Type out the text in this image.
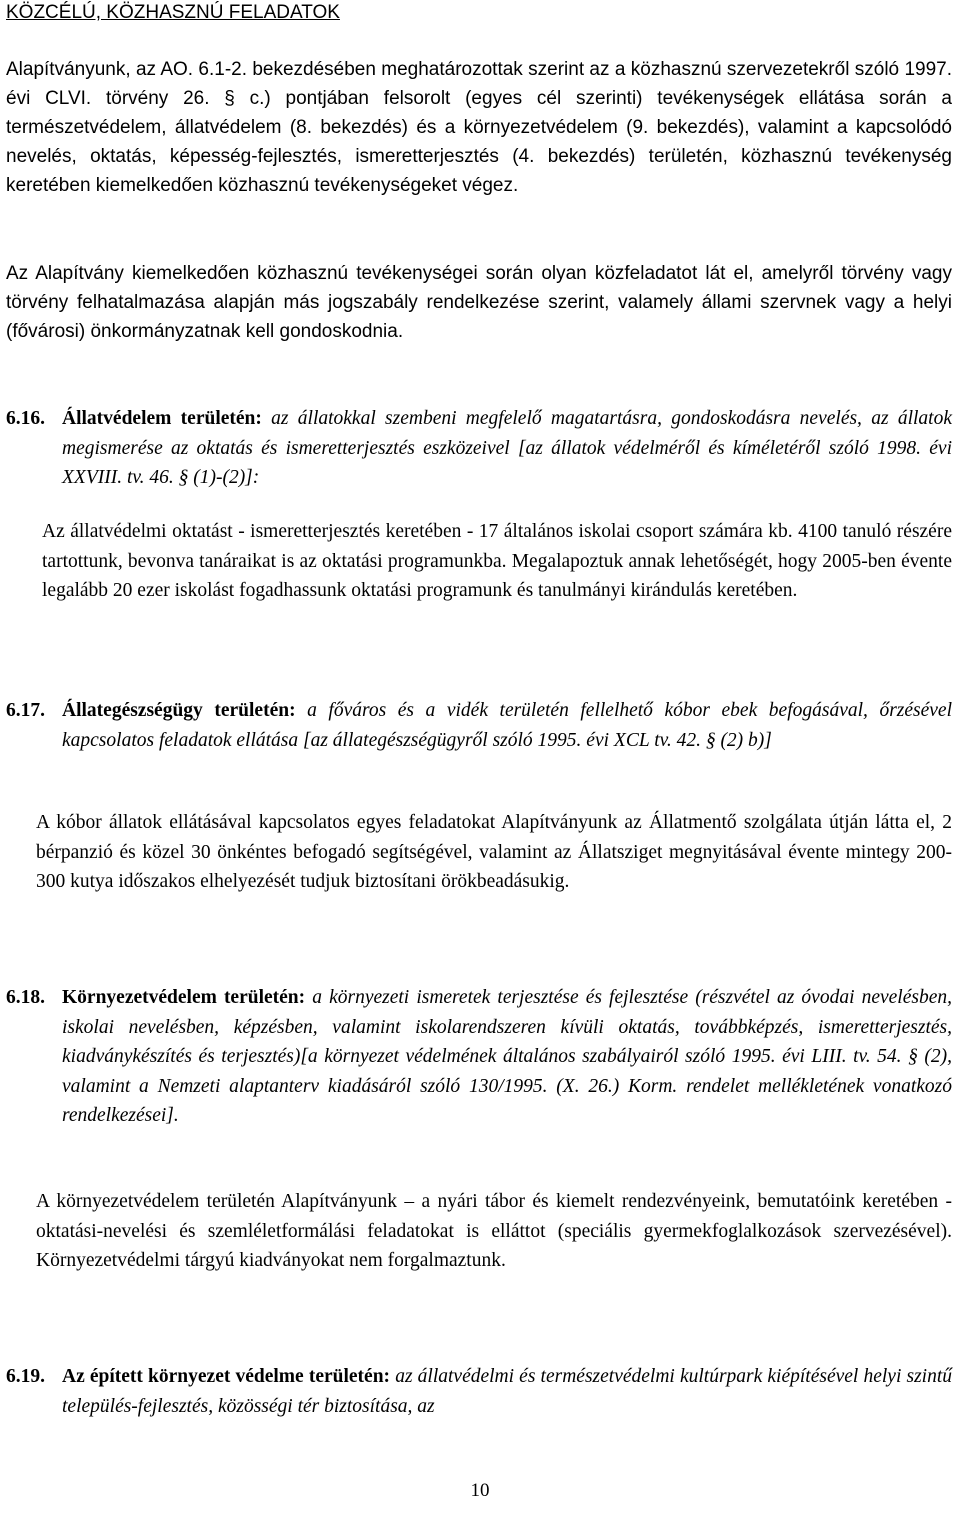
KÖZCÉLÚ, KÖZHASZNÚ FELADATOK

Alapítványunk, az AO. 6.1-2. bekezdésében meghatározottak szerint az a közhasznú szervezetekről szóló 1997. évi CLVI. törvény 26. § c.) pontjában felsorolt (egyes cél szerinti) tevékenységek ellátása során a természetvédelem, állatvédelem (8. bekezdés) és a környezetvédelem (9. bekezdés), valamint a kapcsolódó nevelés, oktatás, képesség-fejlesztés, ismeretterjesztés (4. bekezdés) területén, közhasznú tevékenység keretében kiemelkedően közhasznú tevékenységeket végez.

Az Alapítvány kiemelkedően közhasznú tevékenységei során olyan közfeladatot lát el, amelyről törvény vagy törvény felhatalmazása alapján más jogszabály rendelkezése szerint, valamely állami szervnek vagy a helyi (fővárosi) önkormányzatnak kell gondoskodnia.

6.16. Állatvédelem területén: az állatokkal szembeni megfelelő magatartásra, gondoskodásra nevelés, az állatok megismerése az oktatás és ismeretterjesztés eszközeivel [az állatok védelméről és kíméletéről szóló 1998. évi XXVIII. tv. 46. § (1)-(2)]:

Az állatvédelmi oktatást - ismeretterjesztés keretében - 17 általános iskolai csoport számára kb. 4100 tanuló részére tartottunk, bevonva tanáraikat is az oktatási programunkba. Megalapoztuk annak lehetőségét, hogy 2005-ben évente legalább 20 ezer iskolást fogadhassunk oktatási programunk és tanulmányi kirándulás keretében.

6.17. Állategészségügy területén: a főváros és a vidék területén fellelhető kóbor ebek befogásával, őrzésével kapcsolatos feladatok ellátása [az állategészségügyről szóló 1995. évi XCL tv. 42. § (2) b)]

A kóbor állatok ellátásával kapcsolatos egyes feladatokat Alapítványunk az Állatmentő szolgálata útján látta el, 2 bérpanzió és közel 30 önkéntes befogadó segítségével, valamint az Állatsziget megnyitásával évente mintegy 200-300 kutya időszakos elhelyezését tudjuk biztosítani örökbeadásukig.

6.18. Környezetvédelem területén: a környezeti ismeretek terjesztése és fejlesztése (részvétel az óvodai nevelésben, iskolai nevelésben, képzésben, valamint iskolarendszeren kívüli oktatás, továbbképzés, ismeretterjesztés, kiadványkészítés és terjesztés)[a környezet védelmének általános szabályairól szóló 1995. évi LIII. tv. 54. § (2), valamint a Nemzeti alaptanterv kiadásáról szóló 130/1995. (X. 26.) Korm. rendelet mellékletének vonatkozó rendelkezései].

A környezetvédelem területén Alapítványunk – a nyári tábor és kiemelt rendezvényeink, bemutatóink keretében - oktatási-nevelési és szemléletformálási feladatokat is elláttot (speciális gyermekfoglalkozások szervezésével). Környezetvédelmi tárgyú kiadványokat nem forgalmaztunk.

6.19. Az épített környezet védelme területén: az állatvédelmi és természetvédelmi kultúrpark kiépítésével helyi szintű település-fejlesztés, közösségi tér biztosítása, az

10
